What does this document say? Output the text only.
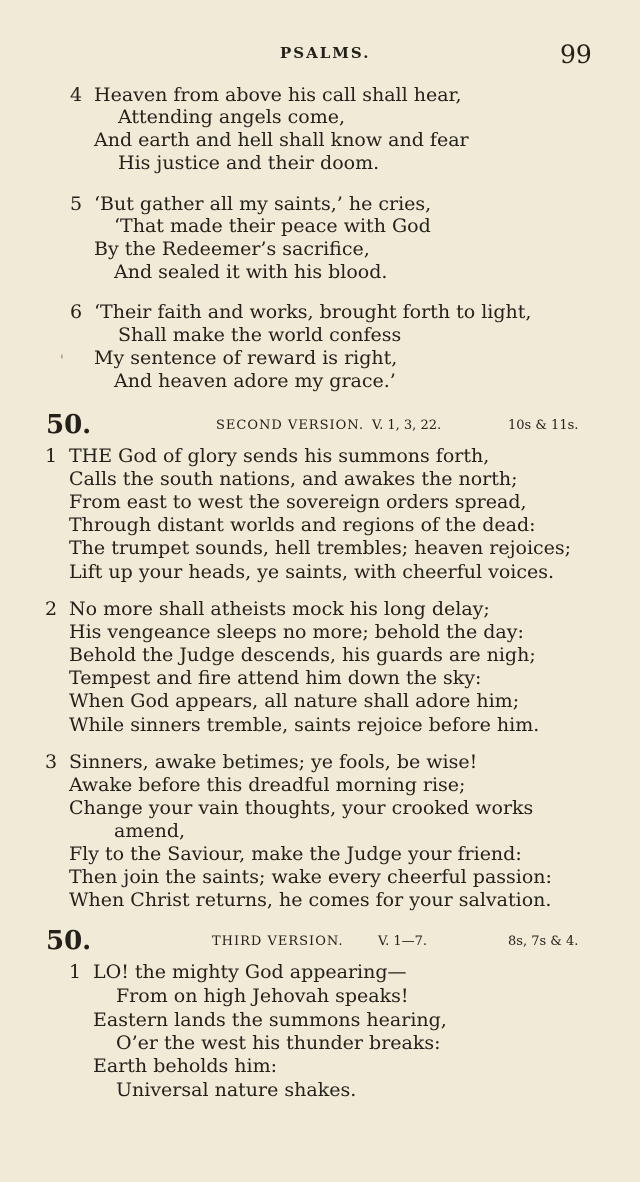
PSALMS.	99
4 Heaven from above his call shall hear,
Attending angels come,
And earth and hell shall know and fear
His justice and their doom.
5 ‘But gather all my saints,’ he cries,
‘That made their peace with God
By the Redeemer’s sacrifice,
And sealed it with his blood.
6 ‘Their faith and works, brought forth to light,
Shall make the world confess
' My sentence of reward is right,
And heaven adore my grace.’
50.	SECOND VERSION. V. 1, 3, 22.	10s & 11s.
1 THE God of glory sends his summons forth,
Calls the south nations, and awakes the north;
From east to west the sovereign orders spread,
Through distant worlds and regions of the dead:
The trumpet sounds, hell trembles; heaven rejoices;
Lift up your heads, ye saints, with cheerful voices.
2 No more shall atheists mock his long delay;
His vengeance sleeps no more; behold the day:
Behold the Judge descends, his guards are nigh;
Tempest and fire attend him down the sky:
When God appears, all nature shall adore him;
While sinners tremble, saints rejoice before him.
3 Sinners, awake betimes; ye fools, be wise!
Awake before this dreadful morning rise;
Change your vain thoughts, your crooked works
amend,
Fly to the Saviour, make the Judge your friend:
Then join the saints; wake every cheerful passion:
When Christ returns, he comes for your salvation.
50.	THIRD VERSION.	V. 1—7.	8s, 7s & 4.
1 LO! the mighty God appearing—
From on high Jehovah speaks!
Eastern lands the summons hearing,
O’er the west his thunder breaks:
Earth beholds him:
Universal nature shakes.
